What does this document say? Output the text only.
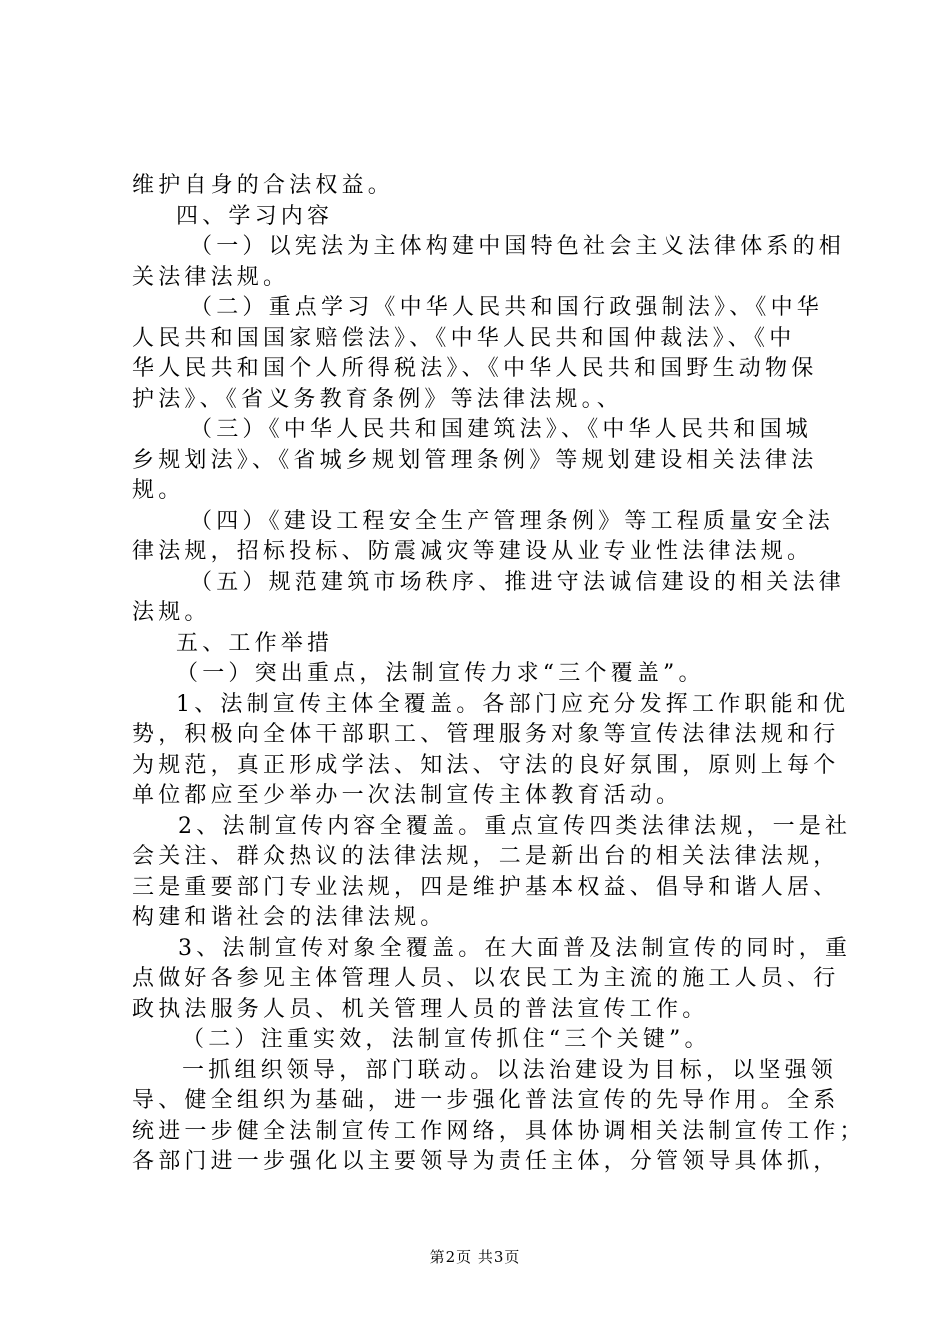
维护自身的合法权益。
四、学习内容
（一）以宪法为主体构建中国特色社会主义法律体系的相
关法律法规。
（二）重点学习《中华人民共和国行政强制法》、《中华
人民共和国国家赔偿法》、《中华人民共和国仲裁法》、《中
华人民共和国个人所得税法》、《中华人民共和国野生动物保
护法》、《省义务教育条例》等法律法规。、
（三）《中华人民共和国建筑法》、《中华人民共和国城
乡规划法》、《省城乡规划管理条例》等规划建设相关法律法
规。
（四）《建设工程安全生产管理条例》等工程质量安全法
律法规，招标投标、防震减灾等建设从业专业性法律法规。
（五）规范建筑市场秩序、推进守法诚信建设的相关法律
法规。
五、工作举措
（一）突出重点，法制宣传力求“三个覆盖”。
1、法制宣传主体全覆盖。各部门应充分发挥工作职能和优
势，积极向全体干部职工、管理服务对象等宣传法律法规和行
为规范，真正形成学法、知法、守法的良好氛围，原则上每个
单位都应至少举办一次法制宣传主体教育活动。
2、法制宣传内容全覆盖。重点宣传四类法律法规，一是社
会关注、群众热议的法律法规，二是新出台的相关法律法规，
三是重要部门专业法规，四是维护基本权益、倡导和谐人居、
构建和谐社会的法律法规。
3、法制宣传对象全覆盖。在大面普及法制宣传的同时，重
点做好各参见主体管理人员、以农民工为主流的施工人员、行
政执法服务人员、机关管理人员的普法宣传工作。
（二）注重实效，法制宣传抓住“三个关键”。
一抓组织领导，部门联动。以法治建设为目标，以坚强领
导、健全组织为基础，进一步强化普法宣传的先导作用。全系
统进一步健全法制宣传工作网络，具体协调相关法制宣传工作；
各部门进一步强化以主要领导为责任主体，分管领导具体抓，
第2页 共3页
